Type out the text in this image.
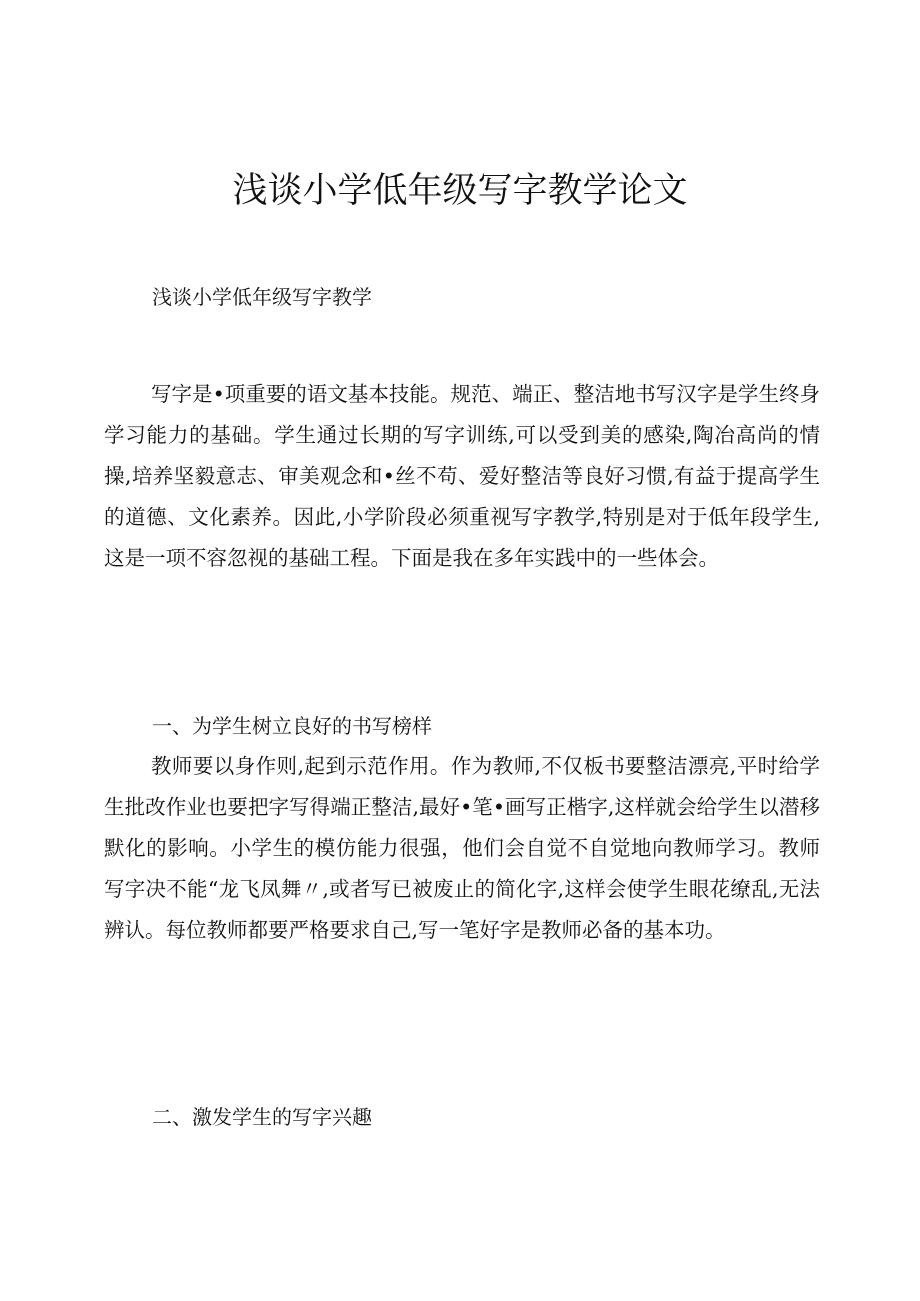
浅谈小学低年级写字教学论文

浅谈小学低年级写字教学

写字是•项重要的语文基本技能。规范、端正、整洁地书写汉字是学生终身学习能力的基础。学生通过长期的写字训练,可以受到美的感染,陶冶高尚的情操,培养坚毅意志、审美观念和•丝不苟、爱好整洁等良好习惯,有益于提高学生的道德、文化素养。因此,小学阶段必须重视写字教学,特别是对于低年段学生,这是一项不容忽视的基础工程。下面是我在多年实践中的一些体会。

一、为学生树立良好的书写榜样

教师要以身作则,起到示范作用。作为教师,不仅板书要整洁漂亮,平时给学生批改作业也要把字写得端正整洁,最好•笔•画写正楷字,这样就会给学生以潜移默化的影响。小学生的模仿能力很强，他们会自觉不自觉地向教师学习。教师写字决不能“龙飞凤舞〃,或者写已被废止的简化字,这样会使学生眼花缭乱,无法辨认。每位教师都要严格要求自己,写一笔好字是教师必备的基本功。

二、激发学生的写字兴趣
